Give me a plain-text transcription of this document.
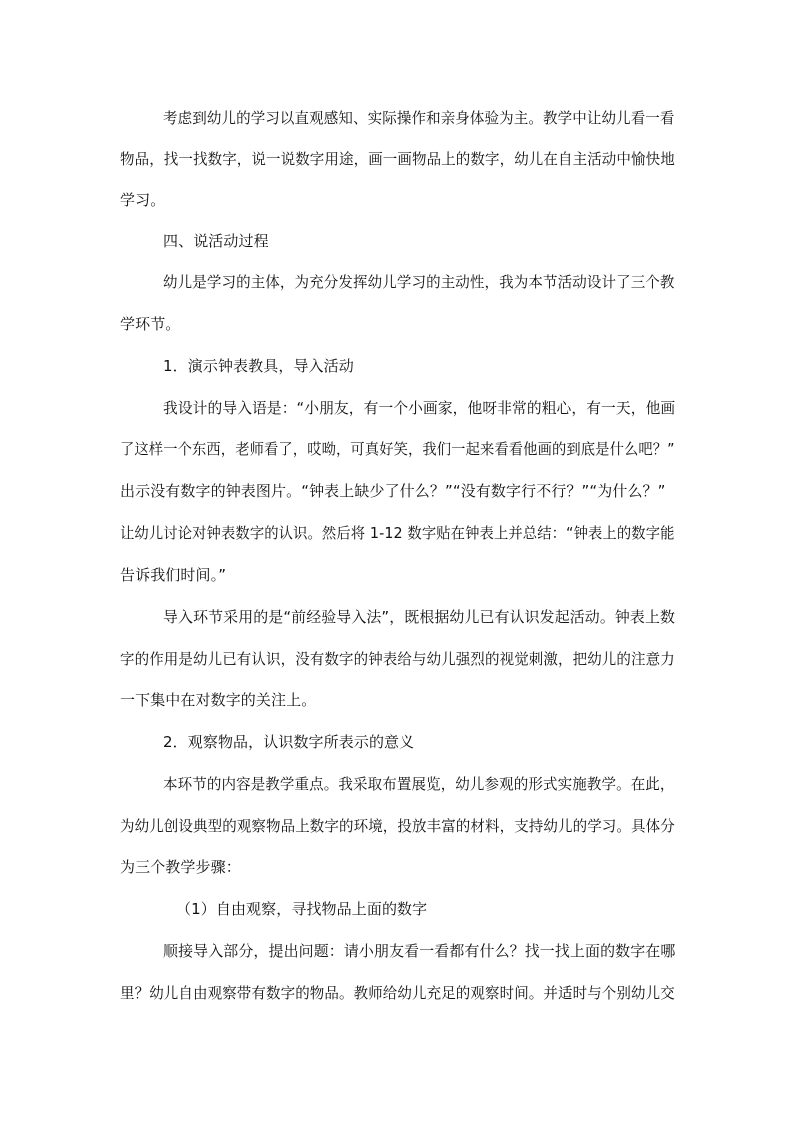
考虑到幼儿的学习以直观感知、实际操作和亲身体验为主。教学中让幼儿看一看
物品，找一找数字，说一说数字用途，画一画物品上的数字，幼儿在自主活动中愉快地
学习。
四、说活动过程
幼儿是学习的主体，为充分发挥幼儿学习的主动性，我为本节活动设计了三个教
学环节。
1．演示钟表教具，导入活动
我设计的导入语是：“小朋友，有一个小画家，他呀非常的粗心，有一天，他画
了这样一个东西，老师看了，哎呦，可真好笑，我们一起来看看他画的到底是什么吧？”
出示没有数字的钟表图片。“钟表上缺少了什么？”“没有数字行不行？”“为什么？”
让幼儿讨论对钟表数字的认识。然后将 1-12 数字贴在钟表上并总结：“钟表上的数字能
告诉我们时间。”
导入环节采用的是“前经验导入法”，既根据幼儿已有认识发起活动。钟表上数
字的作用是幼儿已有认识，没有数字的钟表给与幼儿强烈的视觉刺激，把幼儿的注意力
一下集中在对数字的关注上。
2．观察物品，认识数字所表示的意义
本环节的内容是教学重点。我采取布置展览，幼儿参观的形式实施教学。在此，
为幼儿创设典型的观察物品上数字的环境，投放丰富的材料，支持幼儿的学习。具体分
为三个教学步骤：
（1）自由观察，寻找物品上面的数字
顺接导入部分，提出问题：请小朋友看一看都有什么？找一找上面的数字在哪
里？幼儿自由观察带有数字的物品。教师给幼儿充足的观察时间。并适时与个别幼儿交
